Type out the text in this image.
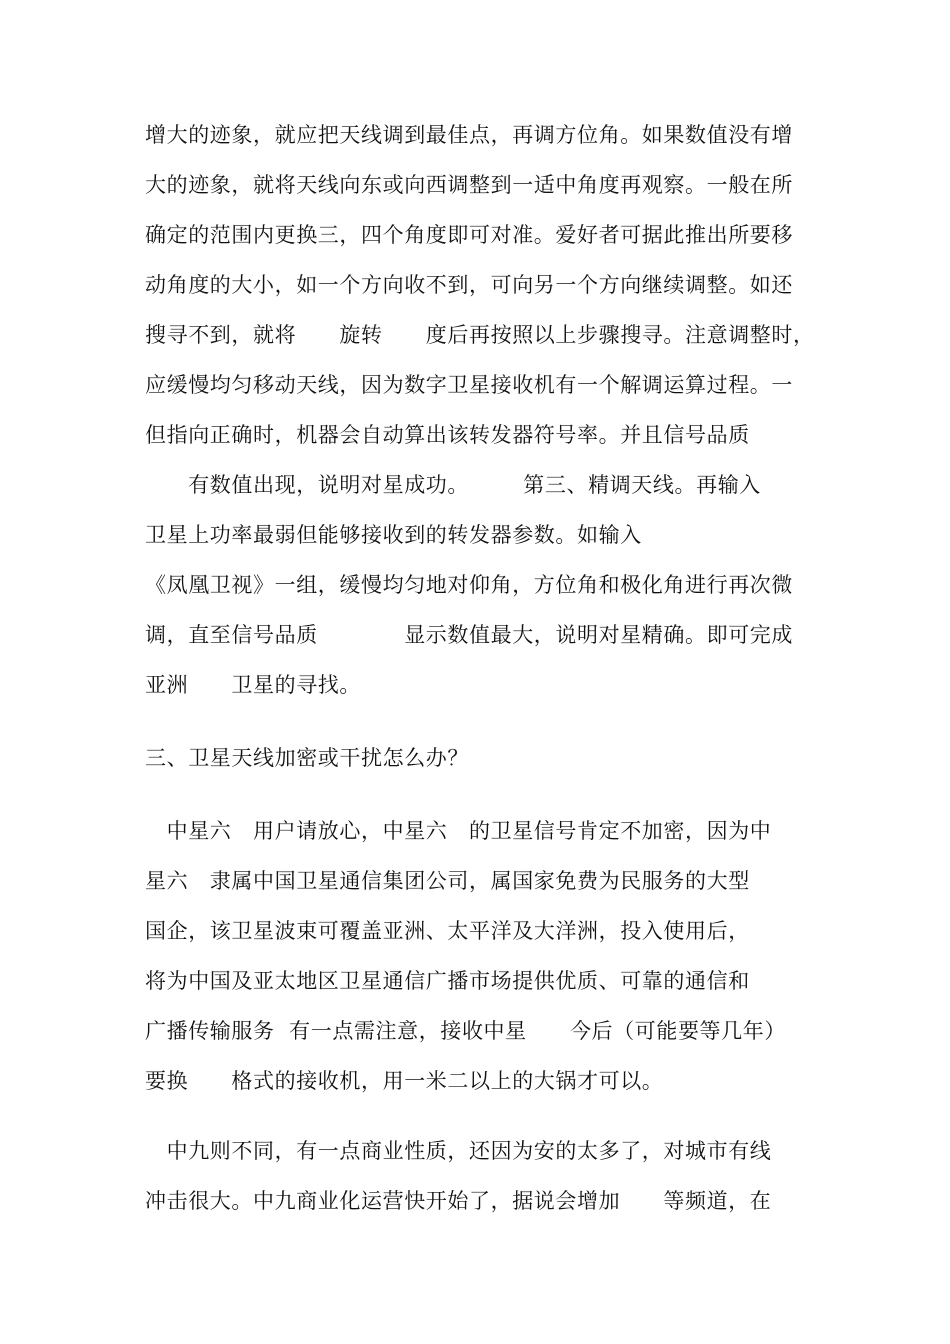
增大的迹象，就应把天线调到最佳点，再调方位角。如果数值没有增
大的迹象，就将天线向东或向西调整到一适中角度再观察。一般在所
确定的范围内更换三，四个角度即可对准。爱好者可据此推出所要移
动角度的大小，如一个方向收不到，可向另一个方向继续调整。如还
搜寻不到，就将　　旋转　　度后再按照以上步骤搜寻。注意调整时，
应缓慢均匀移动天线，因为数字卫星接收机有一个解调运算过程。一
但指向正确时，机器会自动算出该转发器符号率。并且信号品质
　　有数值出现，说明对星成功。　　　第三、精调天线。再输入
卫星上功率最弱但能够接收到的转发器参数。如输入
《凤凰卫视》一组，缓慢均匀地对仰角，方位角和极化角进行再次微
调，直至信号品质　　　　显示数值最大，说明对星精确。即可完成
亚洲　　卫星的寻找。
三、卫星天线加密或干扰怎么办？
　中星六　用户请放心，中星六　的卫星信号肯定不加密，因为中
星六　隶属中国卫星通信集团公司，属国家免费为民服务的大型
国企，该卫星波束可覆盖亚洲、太平洋及大洋洲，投入使用后，
将为中国及亚太地区卫星通信广播市场提供优质、可靠的通信和
广播传输服务  有一点需注意，接收中星　　今后（可能要等几年）
要换　　格式的接收机，用一米二以上的大锅才可以。
　中九则不同，有一点商业性质，还因为安的太多了，对城市有线
冲击很大。中九商业化运营快开始了，据说会增加　　等频道，在
